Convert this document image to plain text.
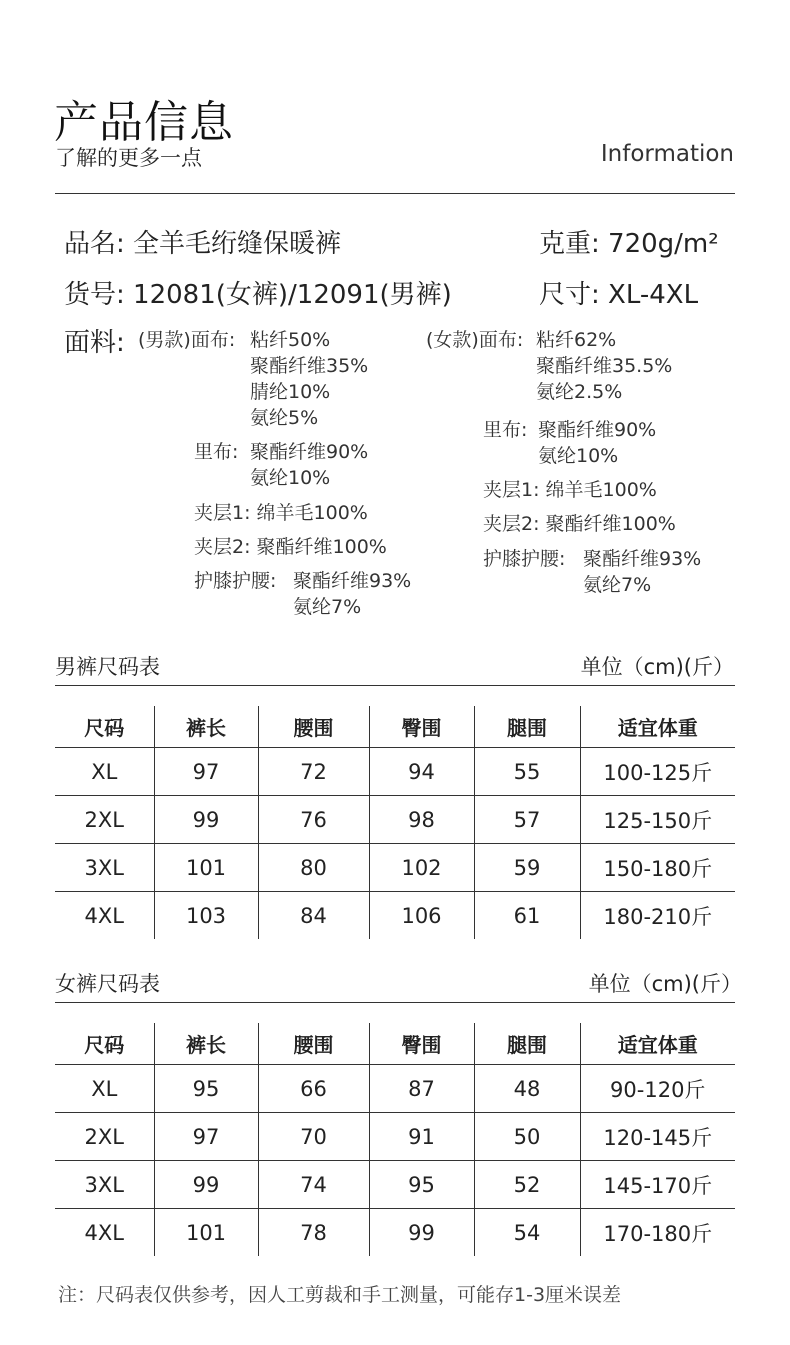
产品信息
了解的更多一点	Information
品名: 全羊毛绗缝保暖裤	克重: 720g/m²
货号: 12081(女裤)/12091(男裤)	尺寸: XL-4XL
面料: (男款)面布: 粘纤50%
聚酯纤维35%
腈纶10%
氨纶5%
里布: 聚酯纤维90%
氨纶10%
夹层1: 绵羊毛100%
夹层2: 聚酯纤维100%
护膝护腰: 聚酯纤维93%
氨纶7%
(女款)面布: 粘纤62%
聚酯纤维35.5%
氨纶2.5%
里布: 聚酯纤维90%
氨纶10%
夹层1: 绵羊毛100%
夹层2: 聚酯纤维100%
护膝护腰: 聚酯纤维93%
氨纶7%
男裤尺码表	单位（cm)(斤）
尺码	裤长	腰围	臀围	腿围	适宜体重
XL	97	72	94	55	100-125斤
2XL	99	76	98	57	125-150斤
3XL	101	80	102	59	150-180斤
4XL	103	84	106	61	180-210斤
女裤尺码表	单位（cm)(斤）
尺码	裤长	腰围	臀围	腿围	适宜体重
XL	95	66	87	48	90-120斤
2XL	97	70	91	50	120-145斤
3XL	99	74	95	52	145-170斤
4XL	101	78	99	54	170-180斤
注：尺码表仅供参考，因人工剪裁和手工测量，可能存1-3厘米误差
